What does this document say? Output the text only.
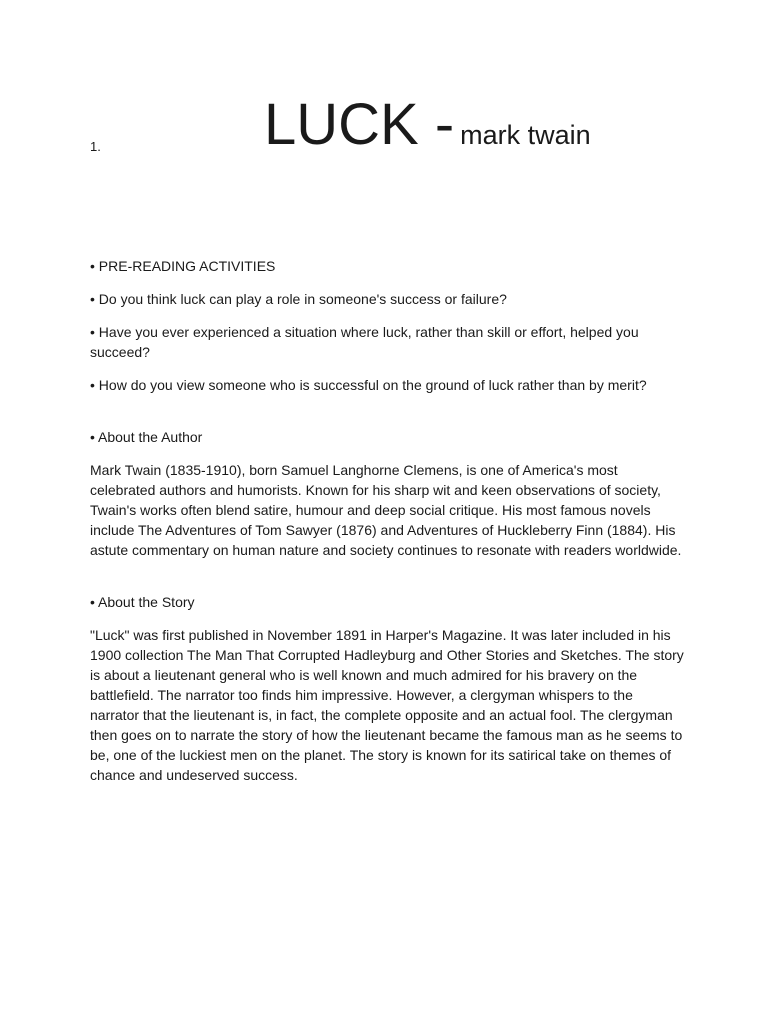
1.	LUCK - mark twain

• PRE-READING ACTIVITIES

• Do you think luck can play a role in someone's success or failure?

• Have you ever experienced a situation where luck, rather than skill or effort, helped you succeed?

• How do you view someone who is successful on the ground of luck rather than by merit?

• About the Author

Mark Twain (1835-1910), born Samuel Langhorne Clemens, is one of America's most celebrated authors and humorists. Known for his sharp wit and keen observations of society, Twain's works often blend satire, humour and deep social critique. His most famous novels include The Adventures of Tom Sawyer (1876) and Adventures of Huckleberry Finn (1884). His astute commentary on human nature and society continues to resonate with readers worldwide.

• About the Story

"Luck" was first published in November 1891 in Harper's Magazine. It was later included in his 1900 collection The Man That Corrupted Hadleyburg and Other Stories and Sketches. The story is about a lieutenant general who is well known and much admired for his bravery on the battlefield. The narrator too finds him impressive. However, a clergyman whispers to the narrator that the lieutenant is, in fact, the complete opposite and an actual fool. The clergyman then goes on to narrate the story of how the lieutenant became the famous man as he seems to be, one of the luckiest men on the planet. The story is known for its satirical take on themes of chance and undeserved success.
